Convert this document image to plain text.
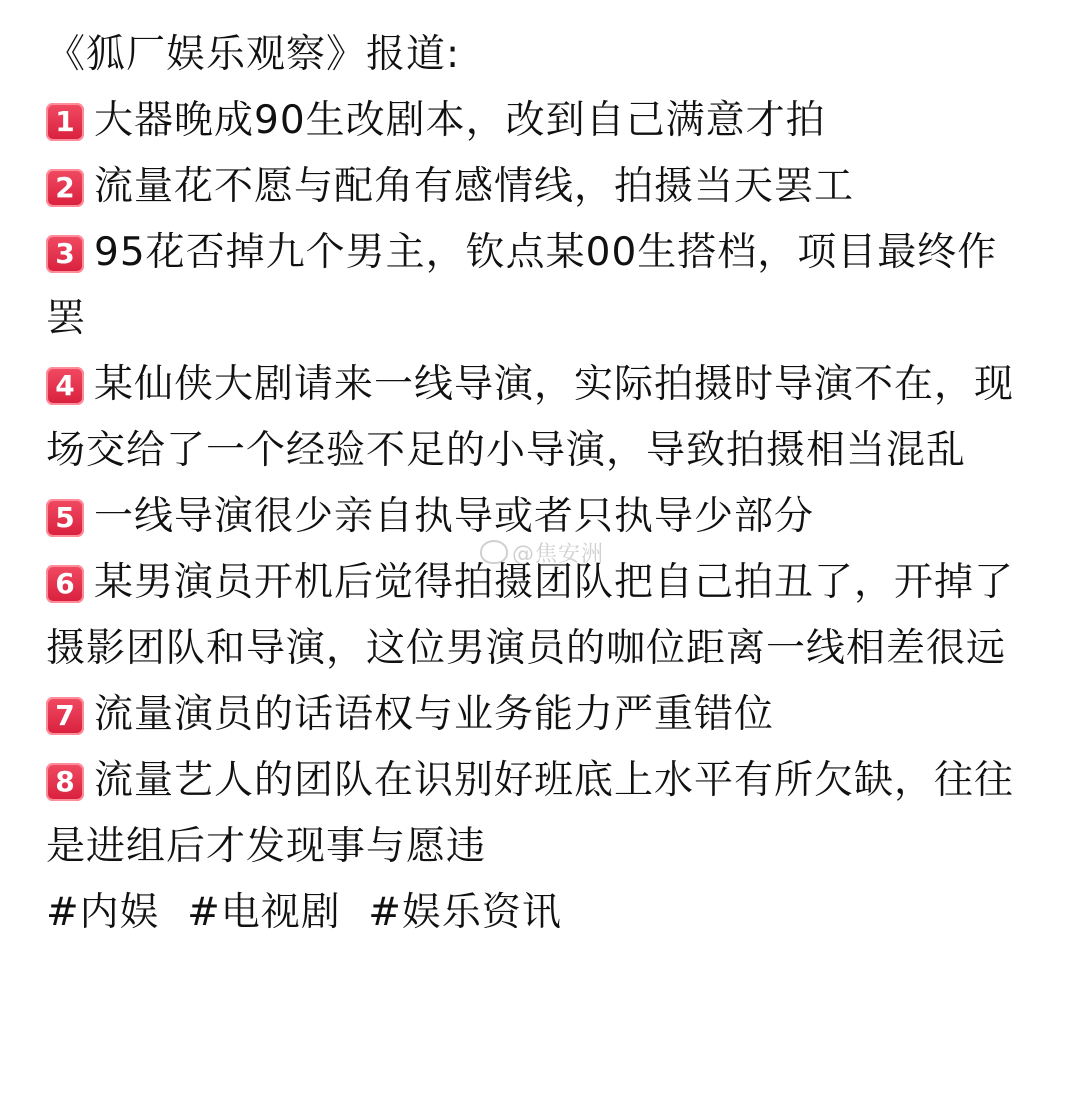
《狐厂娱乐观察》报道:

1 大器晚成90生改剧本，改到自己满意才拍

2 流量花不愿与配角有感情线，拍摄当天罢工

3 95花否掉九个男主，钦点某00生搭档，项目最终作罢

4 某仙侠大剧请来一线导演，实际拍摄时导演不在，现场交给了一个经验不足的小导演，导致拍摄相当混乱

5 一线导演很少亲自执导或者只执导少部分

6 某男演员开机后觉得拍摄团队把自己拍丑了，开掉了摄影团队和导演，这位男演员的咖位距离一线相差很远

7 流量演员的话语权与业务能力严重错位

8 流量艺人的团队在识别好班底上水平有所欠缺，往往是进组后才发现事与愿违

#内娱 #电视剧 #娱乐资讯

@焦安洲
